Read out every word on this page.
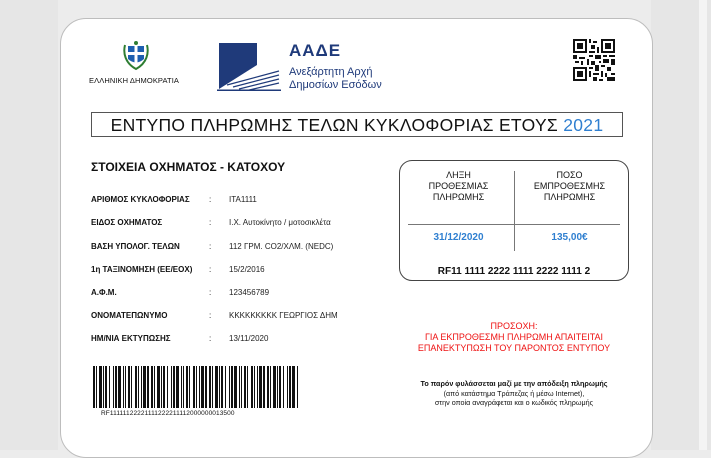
ΕΛΛΗΝΙΚΗ ΔΗΜΟΚΡΑΤΙΑ
ΑΑΔΕ
Ανεξάρτητη Αρχή
Δημοσίων Εσόδων
ΕΝΤΥΠΟ ΠΛΗΡΩΜΗΣ ΤΕΛΩΝ ΚΥΚΛΟΦΟΡΙΑΣ ΕΤΟΥΣ 2021
ΣΤΟΙΧΕΙΑ ΟΧΗΜΑΤΟΣ - ΚΑΤΟΧΟΥ
ΑΡΙΘΜΟΣ ΚΥΚΛΟΦΟΡΙΑΣ : ΙΤΑ1111
ΕΙΔΟΣ ΟΧΗΜΑΤΟΣ	: Ι.Χ. Αυτοκίνητο / μοτοσικλέτα
ΒΑΣΗ ΥΠΟΛΟΓ. ΤΕΛΩΝ	: 112 ΓΡΜ. CO2/ΧΛΜ. (NEDC)
1η ΤΑΞΙΝΟΜΗΣΗ (ΕΕ/ΕΟΧ) : 15/2/2016
Α.Φ.Μ.	: 123456789
ΟΝΟΜΑΤΕΠΩΝΥΜΟ	: ΚΚΚΚΚΚΚΚΚ ΓΕΩΡΓΙΟΣ ΔΗΜ
ΗΜ/ΝΙΑ ΕΚΤΥΠΩΣΗΣ	: 13/11/2020
ΛΗΞΗ
ΠΡΟΘΕΣΜΙΑΣ
ΠΛΗΡΩΜΗΣ
31/12/2020
ΠΟΣΟ
ΕΜΠΡΟΘΕΣΜΗΣ
ΠΛΗΡΩΜΗΣ
135,00€
RF11 1111 2222 1111 2222 1111 2
ΠΡΟΣΟΧΗ:
ΓΙΑ ΕΚΠΡΟΘΕΣΜΗ ΠΛΗΡΩΜΗ ΑΠΑΙΤΕΙΤΑΙ
ΕΠΑΝΕΚΤΥΠΩΣΗ ΤΟΥ ΠΑΡΟΝΤΟΣ ΕΝΤΥΠΟΥ
RF11111122221111222211112000000013500
Το παρόν φυλάσσεται μαζί με την απόδειξη πληρωμής
(από κατάστημα Τράπεζας ή μέσω Internet),
στην οποία αναγράφεται και ο κωδικός πληρωμής
